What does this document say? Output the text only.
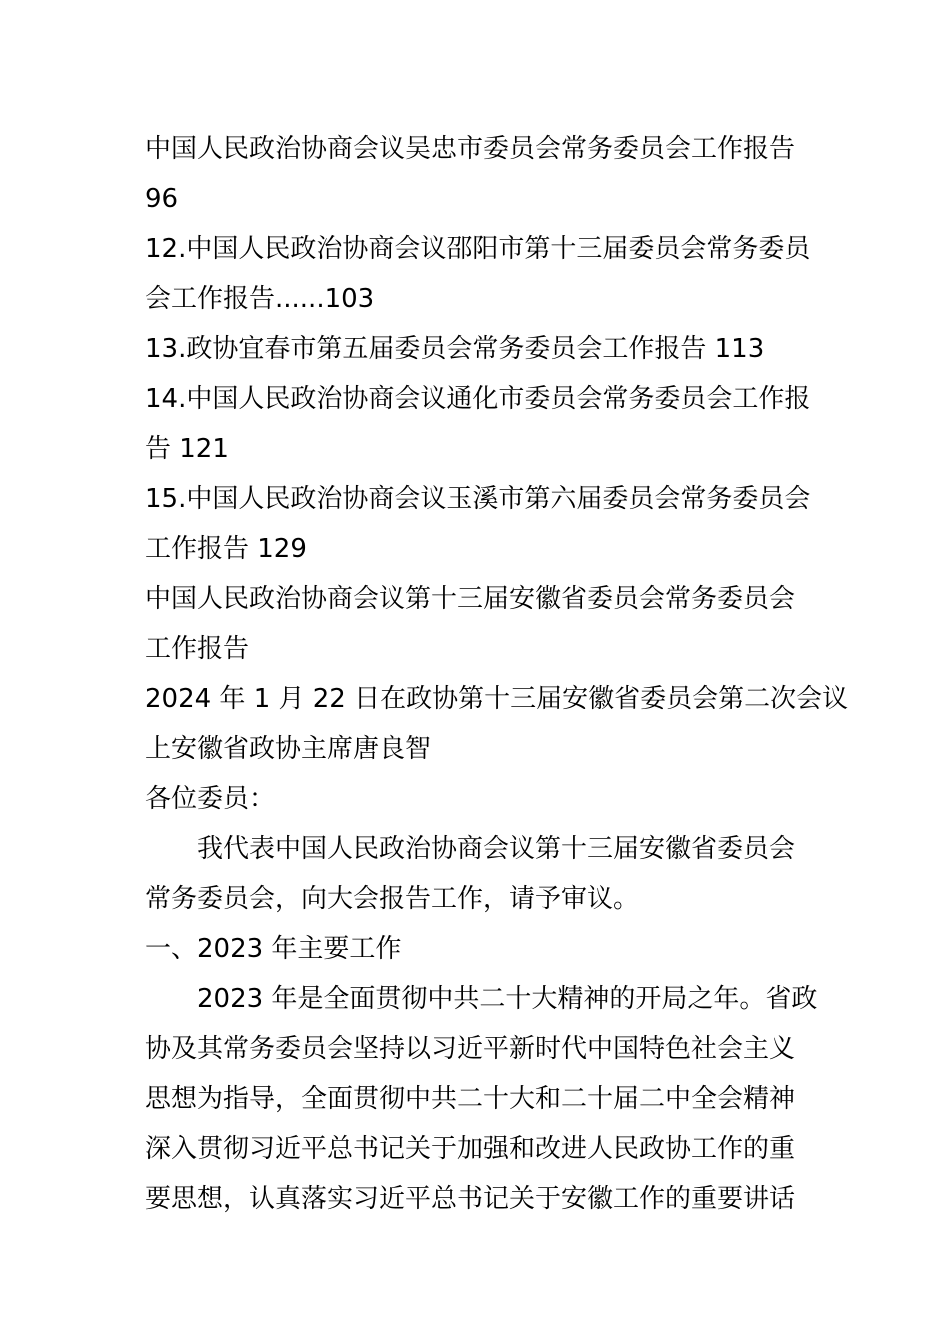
中国人民政治协商会议吴忠市委员会常务委员会工作报告
96
12.中国人民政治协商会议邵阳市第十三届委员会常务委员
会工作报告......103
13.政协宜春市第五届委员会常务委员会工作报告 113
14.中国人民政治协商会议通化市委员会常务委员会工作报
告 121
15.中国人民政治协商会议玉溪市第六届委员会常务委员会
工作报告 129
中国人民政治协商会议第十三届安徽省委员会常务委员会
工作报告
2024 年 1 月 22 日在政协第十三届安徽省委员会第二次会议
上安徽省政协主席唐良智
各位委员：
我代表中国人民政治协商会议第十三届安徽省委员会
常务委员会，向大会报告工作，请予审议。
一、2023 年主要工作
2023 年是全面贯彻中共二十大精神的开局之年。省政
协及其常务委员会坚持以习近平新时代中国特色社会主义
思想为指导，全面贯彻中共二十大和二十届二中全会精神
深入贯彻习近平总书记关于加强和改进人民政协工作的重
要思想，认真落实习近平总书记关于安徽工作的重要讲话
